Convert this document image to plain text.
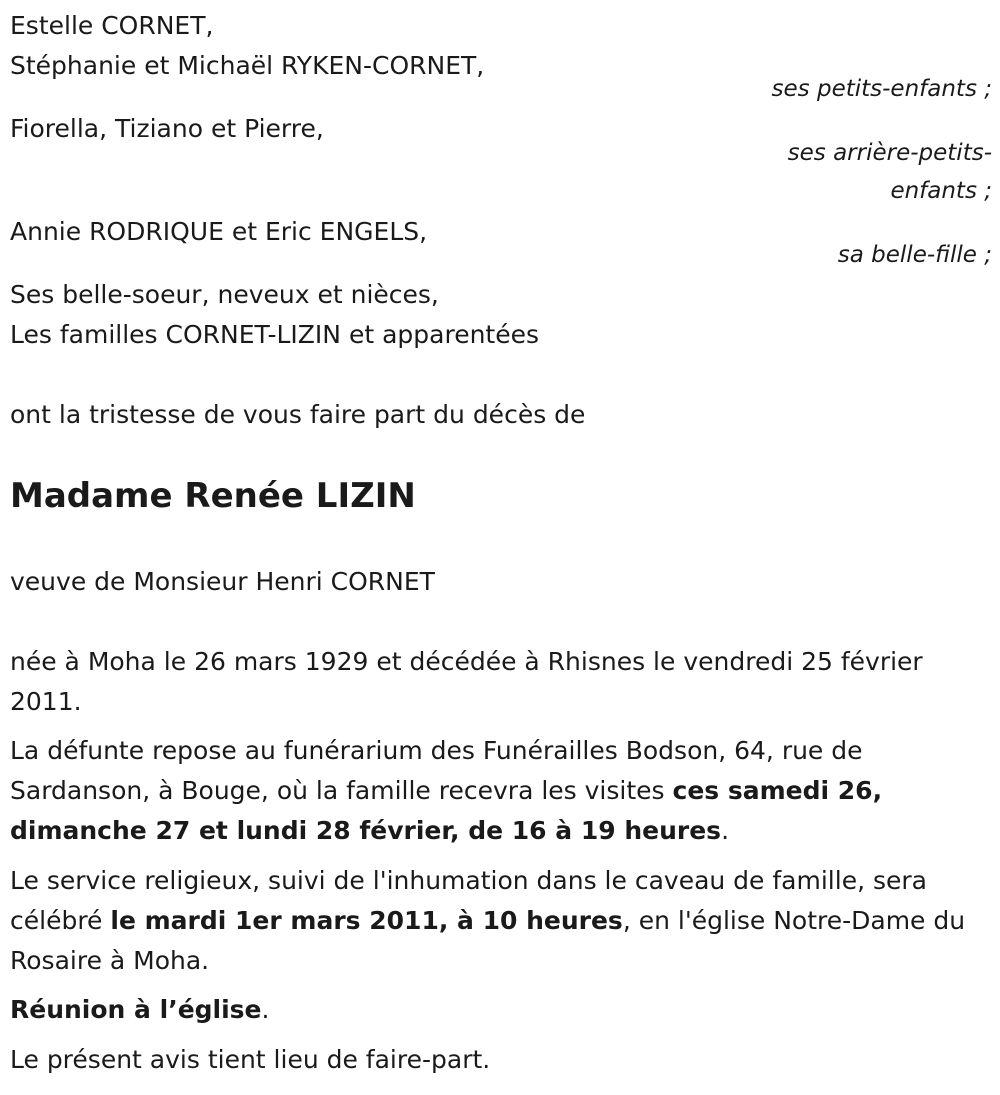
Estelle CORNET,
Stéphanie et Michaël RYKEN-CORNET,
ses petits-enfants ;
Fiorella, Tiziano et Pierre,
ses arrière-petits-
enfants ;
Annie RODRIQUE et Eric ENGELS,
sa belle-fille ;
Ses belle-soeur, neveux et nièces,
Les familles CORNET-LIZIN et apparentées
ont la tristesse de vous faire part du décès de
Madame Renée LIZIN
veuve de Monsieur Henri CORNET

née à Moha le 26 mars 1929 et décédée à Rhisnes le vendredi 25 février 2011.

La défunte repose au funérarium des Funérailles Bodson, 64, rue de Sardanson, à Bouge, où la famille recevra les visites ces samedi 26, dimanche 27 et lundi 28 février, de 16 à 19 heures.

Le service religieux, suivi de l'inhumation dans le caveau de famille, sera célébré le mardi 1er mars 2011, à 10 heures, en l'église Notre-Dame du Rosaire à Moha.

Réunion à l’église.

Le présent avis tient lieu de faire-part.
